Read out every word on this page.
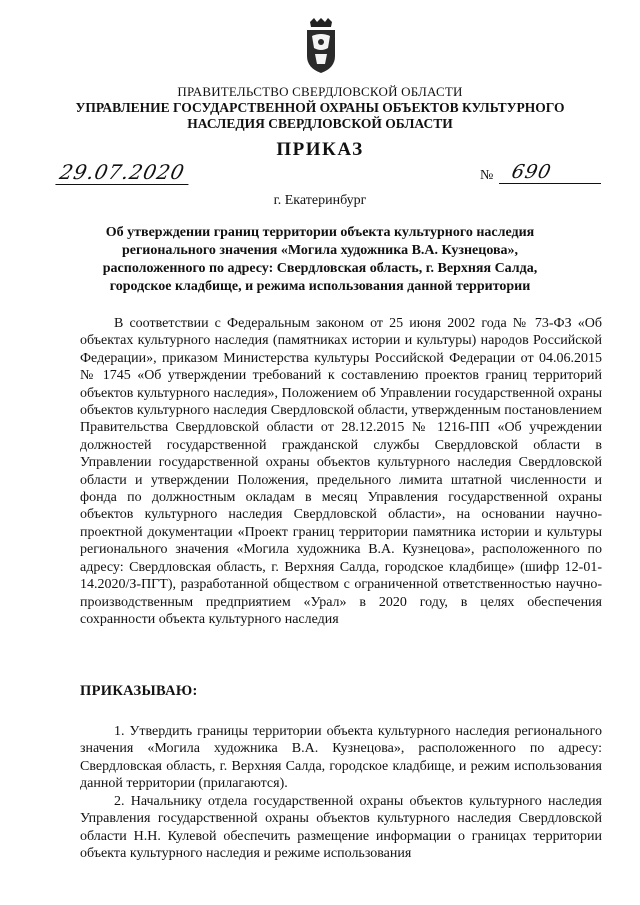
ПРАВИТЕЛЬСТВО СВЕРДЛОВСКОЙ ОБЛАСТИ
УПРАВЛЕНИЕ ГОСУДАРСТВЕННОЙ ОХРАНЫ ОБЪЕКТОВ КУЛЬТУРНОГО НАСЛЕДИЯ СВЕРДЛОВСКОЙ ОБЛАСТИ
ПРИКАЗ
29.07.2020	№ 690
г. Екатеринбург
Об утверждении границ территории объекта культурного наследия регионального значения «Могила художника В.А. Кузнецова», расположенного по адресу: Свердловская область, г. Верхняя Салда, городское кладбище, и режима использования данной территории
В соответствии с Федеральным законом от 25 июня 2002 года № 73-ФЗ «Об объектах культурного наследия (памятниках истории и культуры) народов Российской Федерации», приказом Министерства культуры Российской Федерации от 04.06.2015 № 1745 «Об утверждении требований к составлению проектов границ территорий объектов культурного наследия», Положением об Управлении государственной охраны объектов культурного наследия Свердловской области, утвержденным постановлением Правительства Свердловской области от 28.12.2015 № 1216-ПП «Об учреждении должностей государственной гражданской службы Свердловской области в Управлении государственной охраны объектов культурного наследия Свердловской области и утверждении Положения, предельного лимита штатной численности и фонда по должностным окладам в месяц Управления государственной охраны объектов культурного наследия Свердловской области», на основании научно-проектной документации «Проект границ территории памятника истории и культуры регионального значения «Могила художника В.А. Кузнецова», расположенного по адресу: Свердловская область, г. Верхняя Салда, городское кладбище» (шифр 12-01-14.2020/З-ПГТ), разработанной обществом с ограниченной ответственностью научно-производственным предприятием «Урал» в 2020 году, в целях обеспечения сохранности объекта культурного наследия
ПРИКАЗЫВАЮ:
1. Утвердить границы территории объекта культурного наследия регионального значения «Могила художника В.А. Кузнецова», расположенного по адресу: Свердловская область, г. Верхняя Салда, городское кладбище, и режим использования данной территории (прилагаются).
2. Начальнику отдела государственной охраны объектов культурного наследия Управления государственной охраны объектов культурного наследия Свердловской области Н.Н. Кулевой обеспечить размещение информации о границах территории объекта культурного наследия и режиме использования
